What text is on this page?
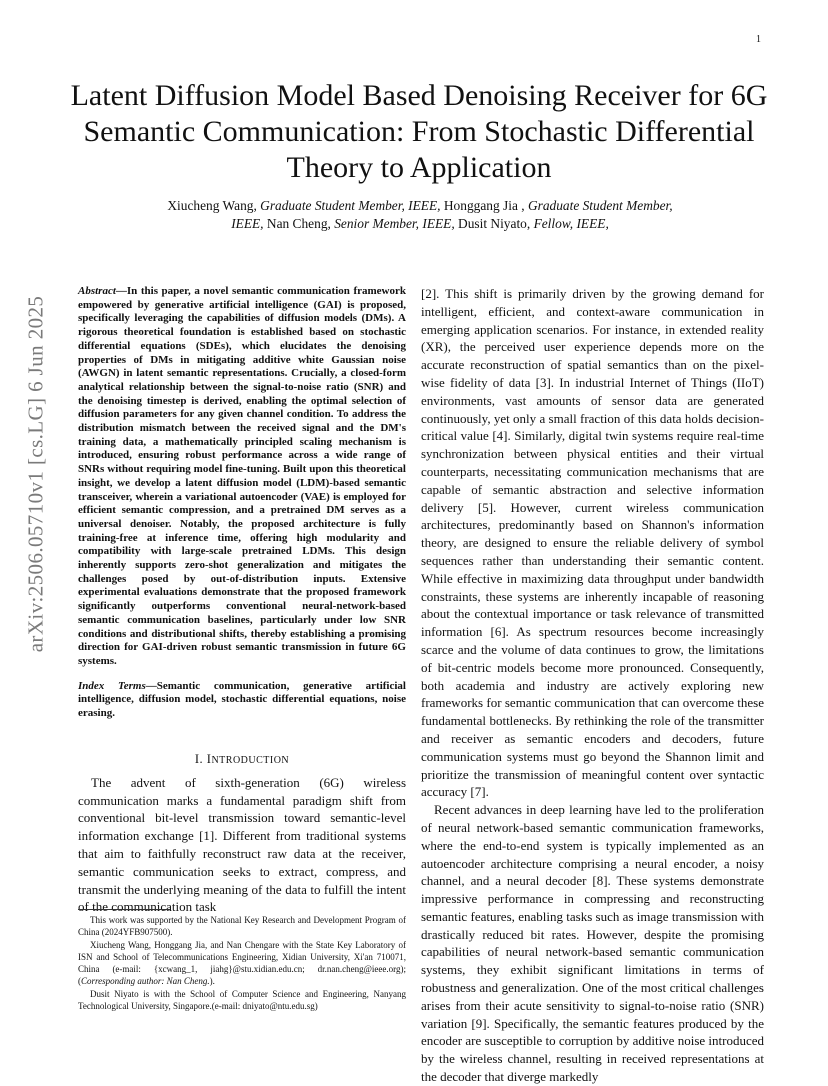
1
arXiv:2506.05710v1 [cs.LG] 6 Jun 2025
Latent Diffusion Model Based Denoising Receiver for 6G Semantic Communication: From Stochastic Differential Theory to Application
Xiucheng Wang, Graduate Student Member, IEEE, Honggang Jia , Graduate Student Member, IEEE, Nan Cheng, Senior Member, IEEE, Dusit Niyato, Fellow, IEEE,

Abstract—In this paper, a novel semantic communication framework empowered by generative artificial intelligence (GAI) is proposed, specifically leveraging the capabilities of diffusion models (DMs). A rigorous theoretical foundation is established based on stochastic differential equations (SDEs), which elucidates the denoising properties of DMs in mitigating additive white Gaussian noise (AWGN) in latent semantic representations. Crucially, a closed-form analytical relationship between the signal-to-noise ratio (SNR) and the denoising timestep is derived, enabling the optimal selection of diffusion parameters for any given channel condition. To address the distribution mismatch between the received signal and the DM's training data, a mathematically principled scaling mechanism is introduced, ensuring robust performance across a wide range of SNRs without requiring model fine-tuning. Built upon this theoretical insight, we develop a latent diffusion model (LDM)-based semantic transceiver, wherein a variational autoencoder (VAE) is employed for efficient semantic compression, and a pretrained DM serves as a universal denoiser. Notably, the proposed architecture is fully training-free at inference time, offering high modularity and compatibility with large-scale pretrained LDMs. This design inherently supports zero-shot generalization and mitigates the challenges posed by out-of-distribution inputs. Extensive experimental evaluations demonstrate that the proposed framework significantly outperforms conventional neural-network-based semantic communication baselines, particularly under low SNR conditions and distributional shifts, thereby establishing a promising direction for GAI-driven robust semantic transmission in future 6G systems.

Index Terms—Semantic communication, generative artificial intelligence, diffusion model, stochastic differential equations, noise erasing.

I. INTRODUCTION

The advent of sixth-generation (6G) wireless communication marks a fundamental paradigm shift from conventional bit-level transmission toward semantic-level information exchange [1]. Different from traditional systems that aim to faithfully reconstruct raw data at the receiver, semantic communication seeks to extract, compress, and transmit the underlying meaning of the data to fulfill the intent of the communication task

[2]. This shift is primarily driven by the growing demand for intelligent, efficient, and context-aware communication in emerging application scenarios. For instance, in extended reality (XR), the perceived user experience depends more on the accurate reconstruction of spatial semantics than on the pixel-wise fidelity of data [3]. In industrial Internet of Things (IIoT) environments, vast amounts of sensor data are generated continuously, yet only a small fraction of this data holds decision-critical value [4]. Similarly, digital twin systems require real-time synchronization between physical entities and their virtual counterparts, necessitating communication mechanisms that are capable of semantic abstraction and selective information delivery [5]. However, current wireless communication architectures, predominantly based on Shannon's information theory, are designed to ensure the reliable delivery of symbol sequences rather than understanding their semantic content. While effective in maximizing data throughput under bandwidth constraints, these systems are inherently incapable of reasoning about the contextual importance or task relevance of transmitted information [6]. As spectrum resources become increasingly scarce and the volume of data continues to grow, the limitations of bit-centric models become more pronounced. Consequently, both academia and industry are actively exploring new frameworks for semantic communication that can overcome these fundamental bottlenecks. By rethinking the role of the transmitter and receiver as semantic encoders and decoders, future communication systems must go beyond the Shannon limit and prioritize the transmission of meaningful content over syntactic accuracy [7].

Recent advances in deep learning have led to the proliferation of neural network-based semantic communication frameworks, where the end-to-end system is typically implemented as an autoencoder architecture comprising a neural encoder, a noisy channel, and a neural decoder [8]. These systems demonstrate impressive performance in compressing and reconstructing semantic features, enabling tasks such as image transmission with drastically reduced bit rates. However, despite the promising capabilities of neural network-based semantic communication systems, they exhibit significant limitations in terms of robustness and generalization. One of the most critical challenges arises from their acute sensitivity to signal-to-noise ratio (SNR) variation [9]. Specifically, the semantic features produced by the encoder are susceptible to corruption by additive noise introduced by the wireless channel, resulting in received representations at the decoder that diverge markedly

This work was supported by the National Key Research and Development Program of China (2024YFB907500).

Xiucheng Wang, Honggang Jia, and Nan Chengare with the State Key Laboratory of ISN and School of Telecommunications Engineering, Xidian University, Xi'an 710071, China (e-mail: {xcwang_1, jiahg}@stu.xidian.edu.cn; dr.nan.cheng@ieee.org);(Corresponding author: Nan Cheng.).

Dusit Niyato is with the School of Computer Science and Engineering, Nanyang Technological University, Singapore.(e-mail: dniyato@ntu.edu.sg)
